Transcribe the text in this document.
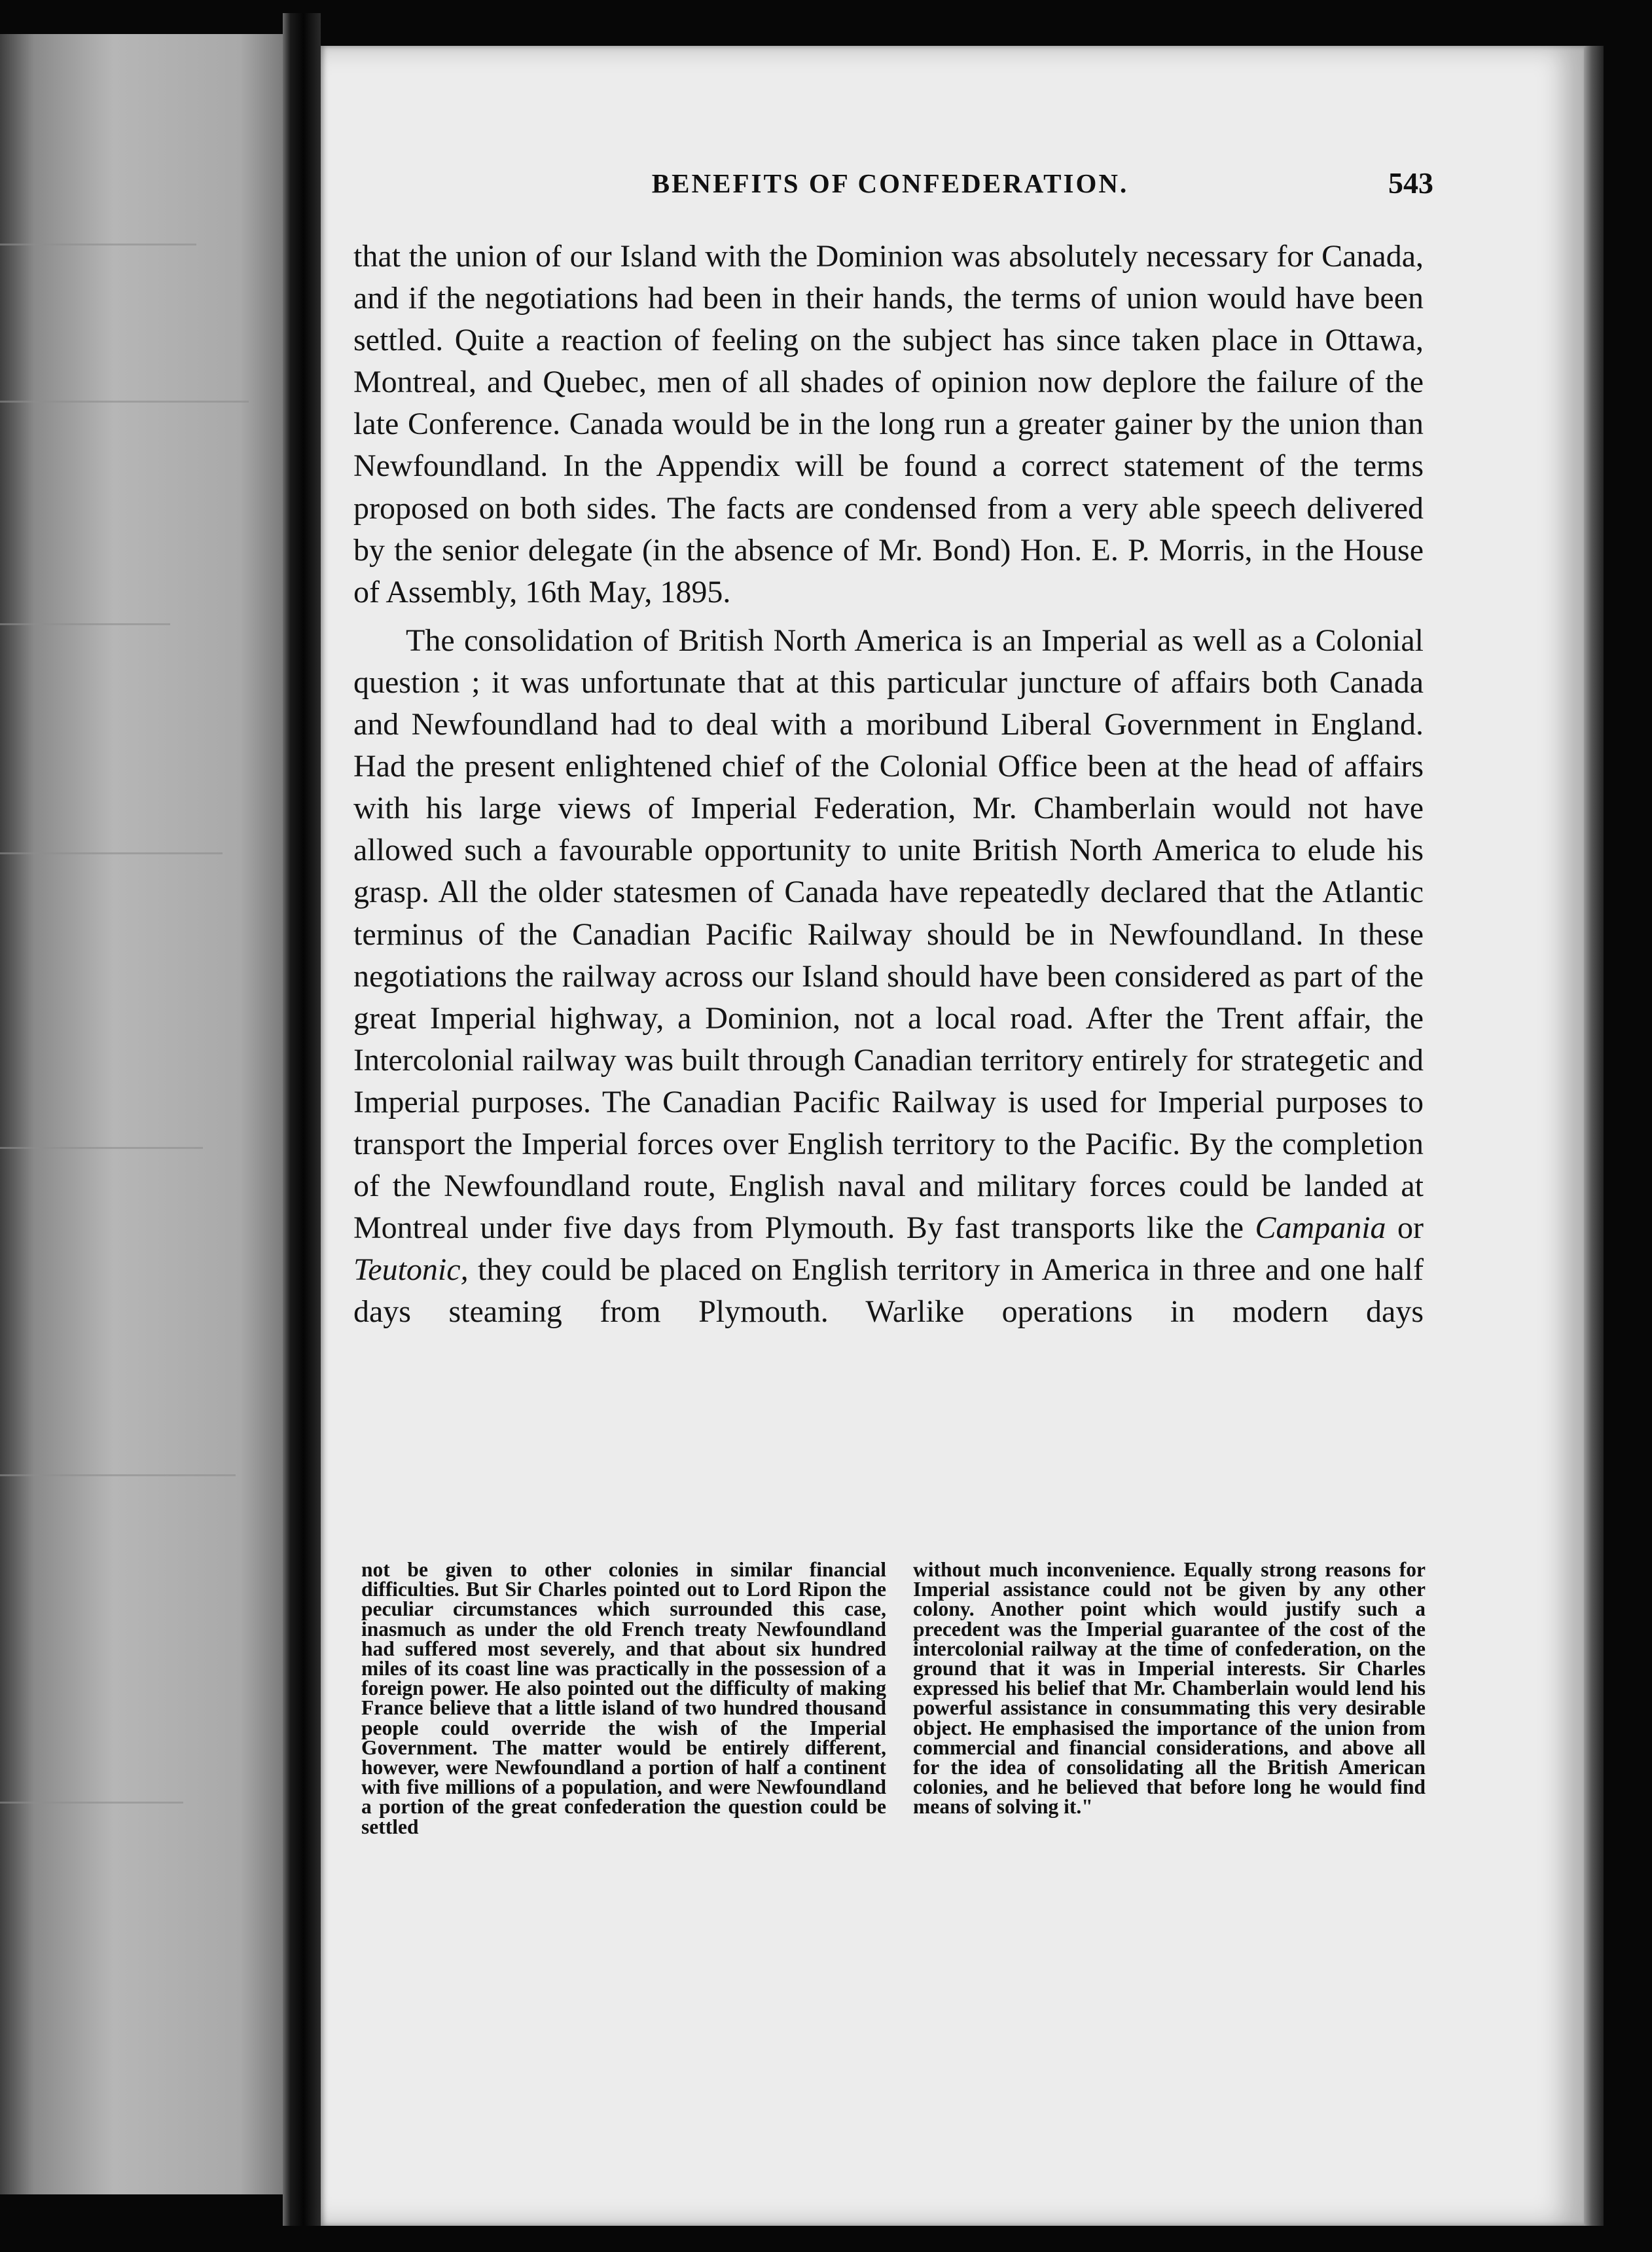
BENEFITS OF CONFEDERATION.	543

that the union of our Island with the Dominion was absolutely necessary for Canada, and if the negotiations had been in their hands, the terms of union would have been settled. Quite a reaction of feeling on the subject has since taken place in Ottawa, Montreal, and Quebec, men of all shades of opinion now deplore the failure of the late Conference. Canada would be in the long run a greater gainer by the union than Newfoundland. In the Appendix will be found a correct statement of the terms proposed on both sides. The facts are condensed from a very able speech delivered by the senior delegate (in the absence of Mr. Bond) Hon. E. P. Morris, in the House of Assembly, 16th May, 1895.

The consolidation of British North America is an Imperial as well as a Colonial question ; it was unfortunate that at this particular juncture of affairs both Canada and Newfoundland had to deal with a moribund Liberal Government in England. Had the present enlightened chief of the Colonial Office been at the head of affairs with his large views of Imperial Federation, Mr. Chamberlain would not have allowed such a favourable opportunity to unite British North America to elude his grasp. All the older statesmen of Canada have repeatedly declared that the Atlantic terminus of the Canadian Pacific Railway should be in Newfoundland. In these negotiations the railway across our Island should have been considered as part of the great Imperial highway, a Dominion, not a local road. After the Trent affair, the Intercolonial railway was built through Canadian territory entirely for strategetic and Imperial purposes. The Canadian Pacific Railway is used for Imperial purposes to transport the Imperial forces over English territory to the Pacific. By the completion of the Newfoundland route, English naval and military forces could be landed at Montreal under five days from Plymouth. By fast transports like the Campania or Teutonic, they could be placed on English territory in America in three and one half days steaming from Plymouth. Warlike operations in modern days

not be given to other colonies in similar financial difficulties. But Sir Charles pointed out to Lord Ripon the peculiar circumstances which surrounded this case, inasmuch as under the old French treaty Newfoundland had suffered most severely, and that about six hundred miles of its coast line was practically in the possession of a foreign power. He also pointed out the difficulty of making France believe that a little island of two hundred thousand people could override the wish of the Imperial Government. The matter would be entirely different, however, were Newfoundland a portion of half a continent with five millions of a population, and were Newfoundland a portion of the great confederation the question could be settled

without much inconvenience. Equally strong reasons for Imperial assistance could not be given by any other colony. Another point which would justify such a precedent was the Imperial guarantee of the cost of the intercolonial railway at the time of confederation, on the ground that it was in Imperial interests. Sir Charles expressed his belief that Mr. Chamberlain would lend his powerful assistance in consummating this very desirable object. He emphasised the importance of the union from commercial and financial considerations, and above all for the idea of consolidating all the British American colonies, and he believed that before long he would find means of solving it."
